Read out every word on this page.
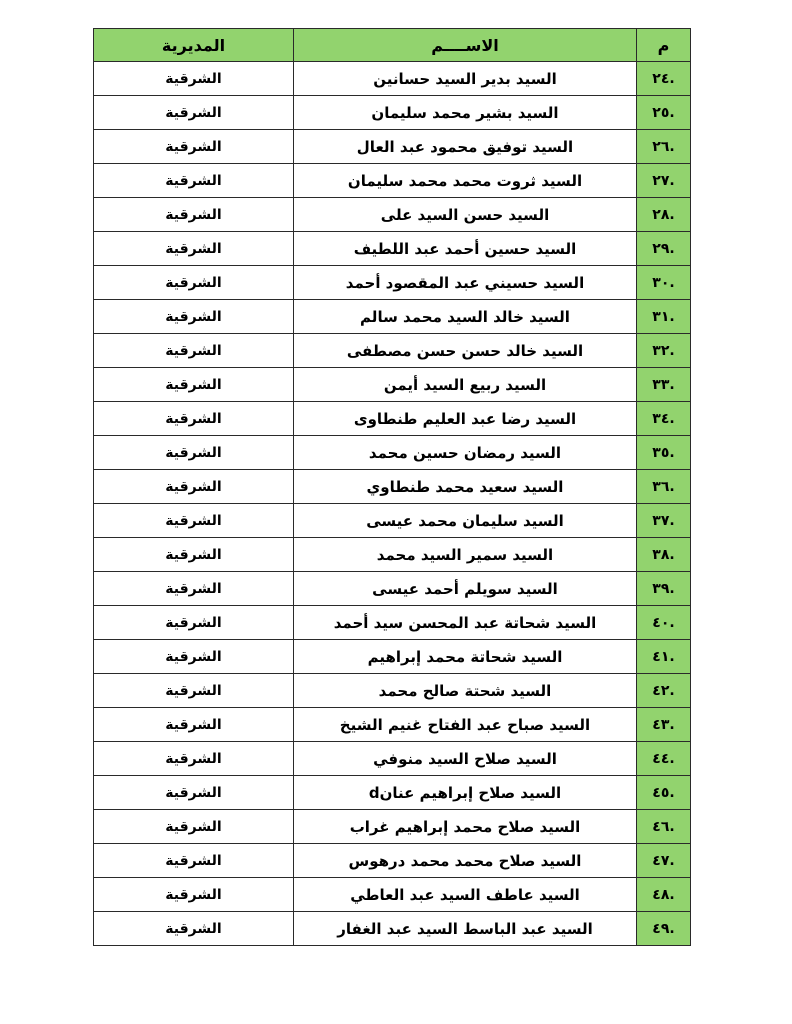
م	الاســــم	المديرية
.٢٤	السيد بدير السيد حسانين	الشرقية
.٢٥	السيد بشير محمد سليمان	الشرقية
.٢٦	السيد توفيق محمود عبد العال	الشرقية
.٢٧	السيد ثروت محمد محمد سليمان	الشرقية
.٢٨	السيد حسن السيد على	الشرقية
.٢٩	السيد حسين أحمد عبد اللطيف	الشرقية
.٣٠	السيد حسيني عبد المقصود أحمد	الشرقية
.٣١	السيد خالد السيد محمد سالم	الشرقية
.٣٢	السيد خالد حسن حسن مصطفى	الشرقية
.٣٣	السيد ربيع السيد أيمن	الشرقية
.٣٤	السيد رضا عبد العليم طنطاوى	الشرقية
.٣٥	السيد رمضان حسين محمد	الشرقية
.٣٦	السيد سعيد محمد طنطاوي	الشرقية
.٣٧	السيد سليمان محمد عيسى	الشرقية
.٣٨	السيد سمير السيد محمد	الشرقية
.٣٩	السيد سويلم أحمد عيسى	الشرقية
.٤٠	السيد شحاتة عبد المحسن سيد أحمد	الشرقية
.٤١	السيد شحاتة محمد إبراهيم	الشرقية
.٤٢	السيد شحتة صالح محمد	الشرقية
.٤٣	السيد صباح عبد الفتاح غنيم الشيخ	الشرقية
.٤٤	السيد صلاح السيد منوفي	الشرقية
.٤٥	السيد صلاح إبراهيم عنانd	الشرقية
.٤٦	السيد صلاح محمد إبراهيم غراب	الشرقية
.٤٧	السيد صلاح محمد محمد درهوس	الشرقية
.٤٨	السيد عاطف السيد عبد العاطي	الشرقية
.٤٩	السيد عبد الباسط السيد عبد الغفار	الشرقية
